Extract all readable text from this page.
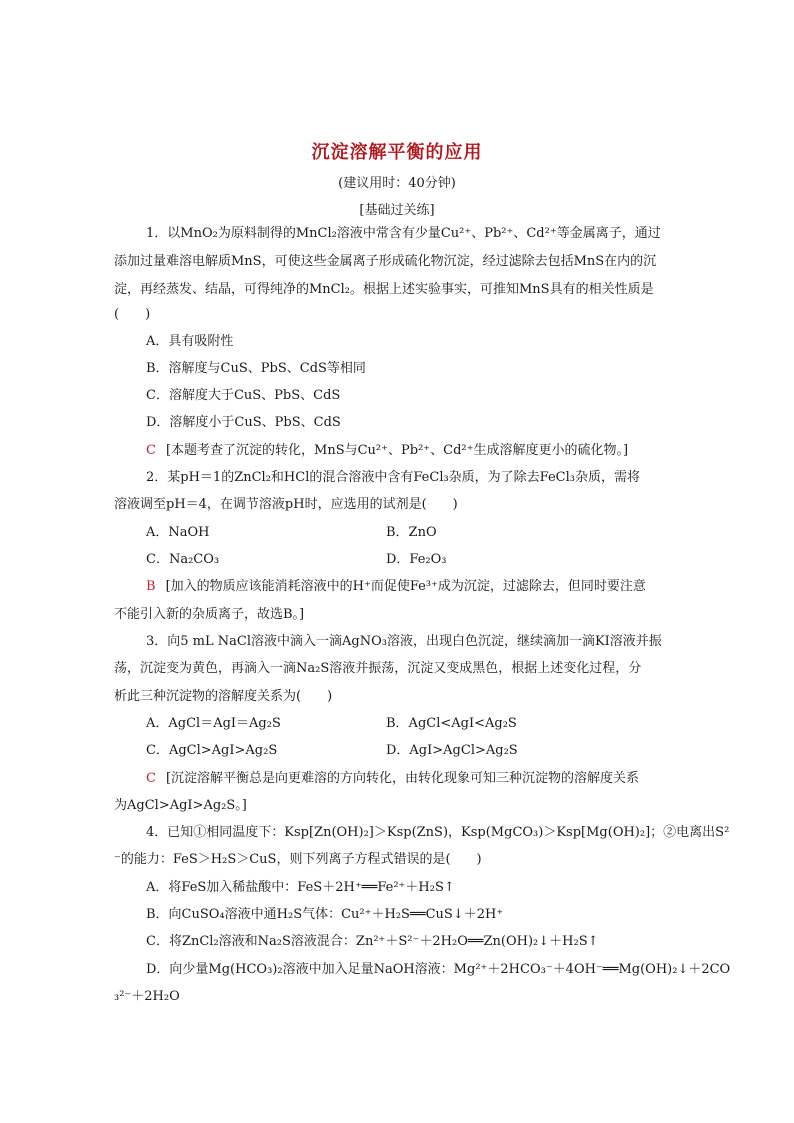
沉淀溶解平衡的应用
(建议用时：40分钟)
[基础过关练]
1．以MnO₂为原料制得的MnCl₂溶液中常含有少量Cu²⁺、Pb²⁺、Cd²⁺等金属离子，通过
添加过量难溶电解质MnS，可使这些金属离子形成硫化物沉淀，经过滤除去包括MnS在内的沉
淀，再经蒸发、结晶，可得纯净的MnCl₂。根据上述实验事实，可推知MnS具有的相关性质是
(　　)
A．具有吸附性
B．溶解度与CuS、PbS、CdS等相同
C．溶解度大于CuS、PbS、CdS
D．溶解度小于CuS、PbS、CdS
C [本题考查了沉淀的转化，MnS与Cu²⁺、Pb²⁺、Cd²⁺生成溶解度更小的硫化物。]
2．某pH＝1的ZnCl₂和HCl的混合溶液中含有FeCl₃杂质，为了除去FeCl₃杂质，需将
溶液调至pH＝4，在调节溶液pH时，应选用的试剂是(　　)
A．NaOH	B．ZnO
C．Na₂CO₃	D．Fe₂O₃
B [加入的物质应该能消耗溶液中的H⁺而促使Fe³⁺成为沉淀，过滤除去，但同时要注意
不能引入新的杂质离子，故选B。]
3．向5 mL NaCl溶液中滴入一滴AgNO₃溶液，出现白色沉淀，继续滴加一滴KI溶液并振
荡，沉淀变为黄色，再滴入一滴Na₂S溶液并振荡，沉淀又变成黑色，根据上述变化过程，分
析此三种沉淀物的溶解度关系为(　　)
A．AgCl＝AgI＝Ag₂S	B．AgCl<AgI<Ag₂S
C．AgCl>AgI>Ag₂S	D．AgI>AgCl>Ag₂S
C [沉淀溶解平衡总是向更难溶的方向转化，由转化现象可知三种沉淀物的溶解度关系
为AgCl>AgI>Ag₂S。]
4．已知①相同温度下：Ksp[Zn(OH)₂]＞Ksp(ZnS)，Ksp(MgCO₃)＞Ksp[Mg(OH)₂]；②电离出S²
⁻的能力：FeS＞H₂S＞CuS，则下列离子方程式错误的是(　　)
A．将FeS加入稀盐酸中：FeS＋2H⁺══Fe²⁺＋H₂S↑
B．向CuSO₄溶液中通H₂S气体：Cu²⁺＋H₂S══CuS↓＋2H⁺
C．将ZnCl₂溶液和Na₂S溶液混合：Zn²⁺＋S²⁻＋2H₂O══Zn(OH)₂↓＋H₂S↑
D．向少量Mg(HCO₃)₂溶液中加入足量NaOH溶液：Mg²⁺＋2HCO₃⁻＋4OH⁻══Mg(OH)₂↓＋2CO
₃²⁻＋2H₂O
